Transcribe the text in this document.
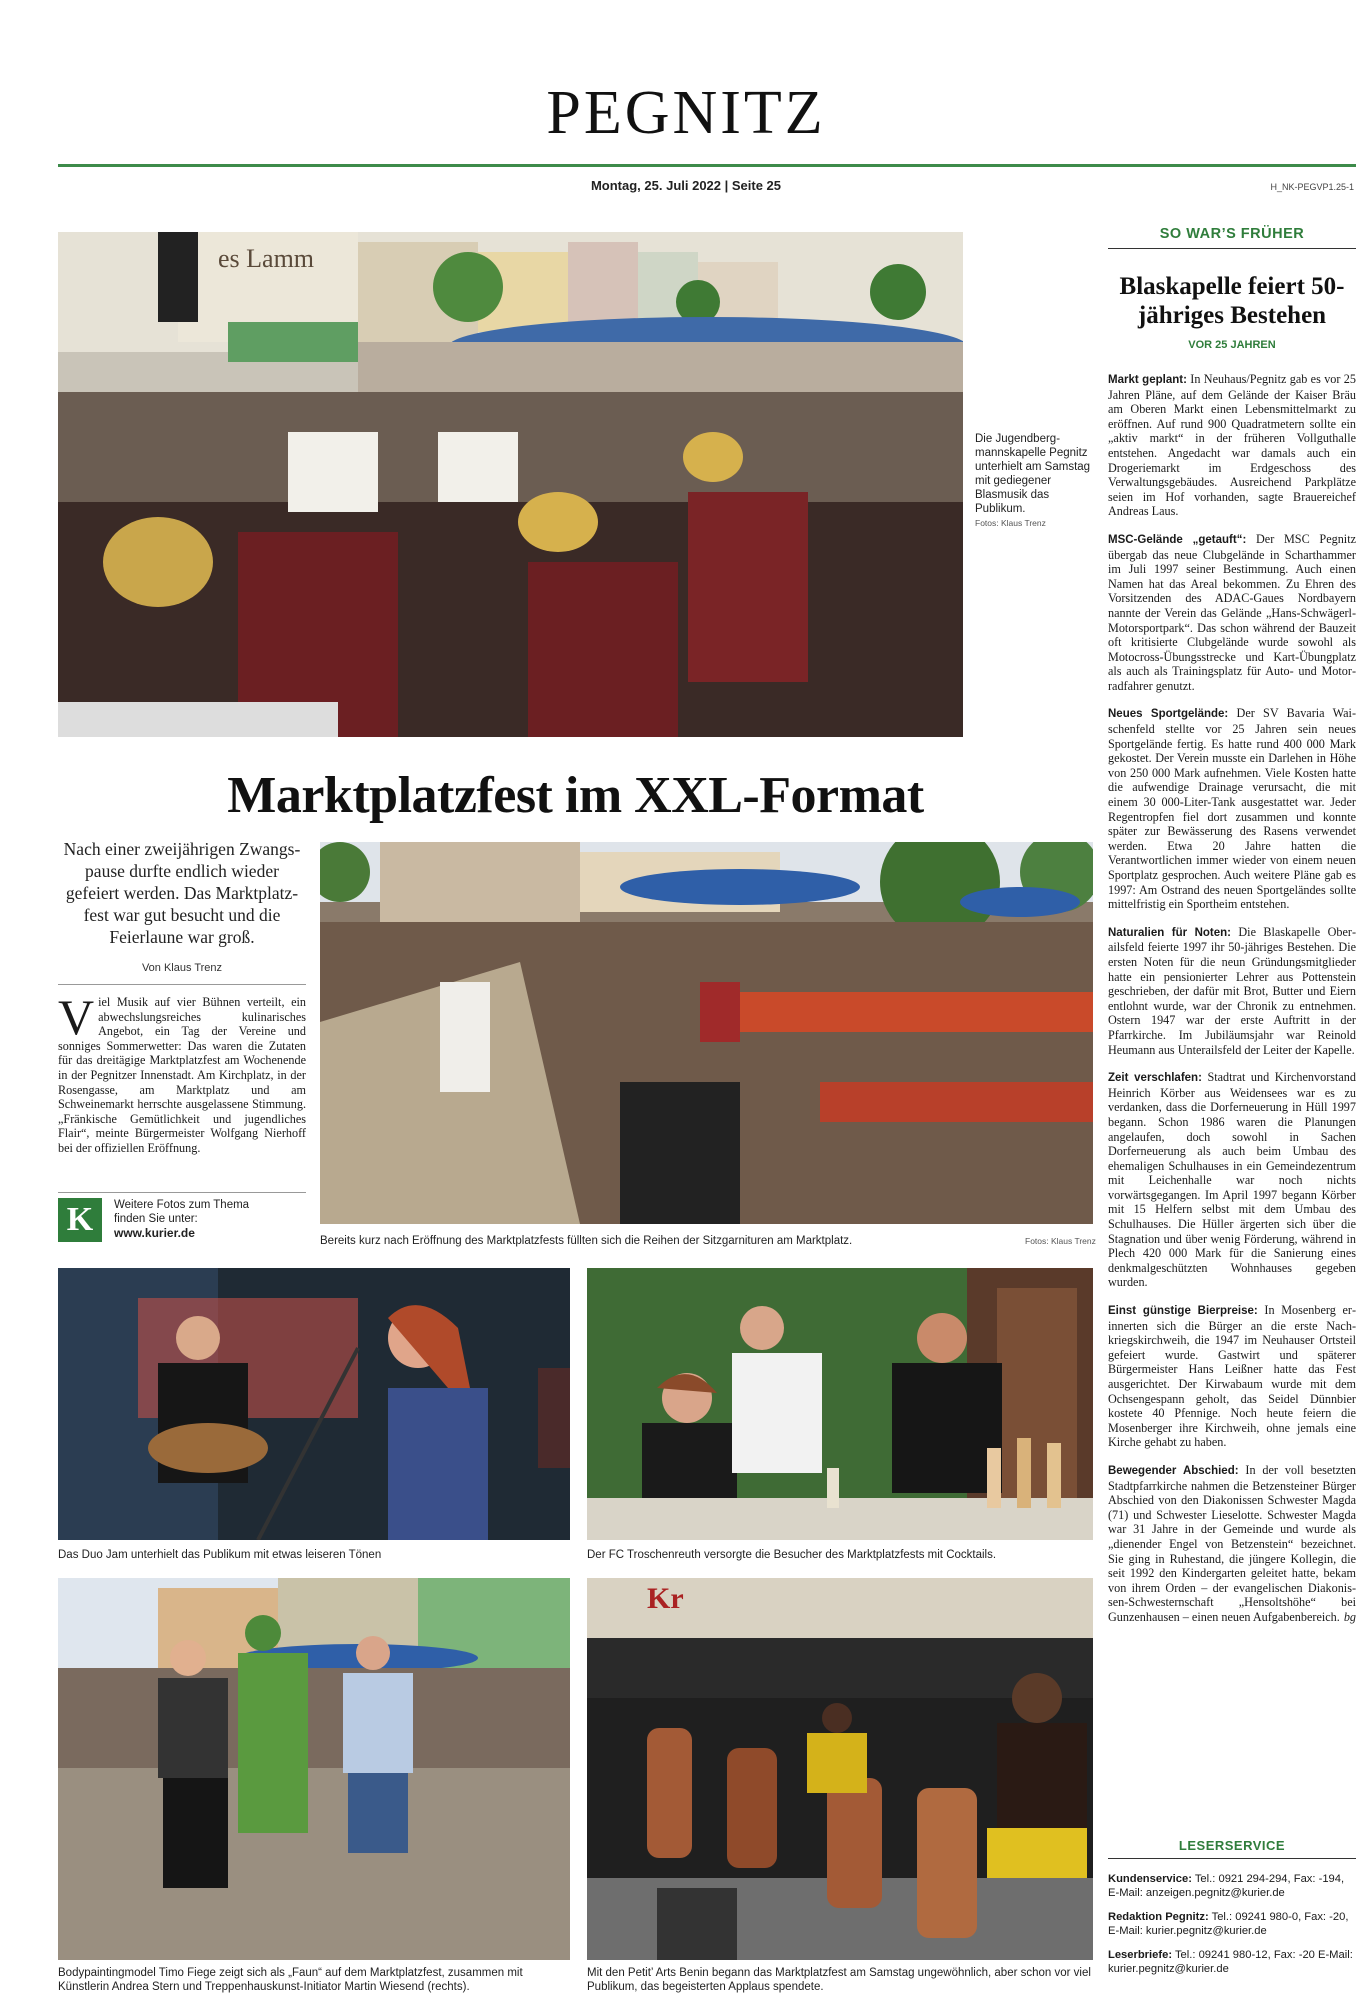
PEGNITZ
Montag, 25. Juli 2022 | Seite 25	H_NK-PEGVP1.25-1
es Lamm
Die Jugendbergmannskapelle Pegnitz unterhielt am Samstag mit gediegener Blasmusik das Publikum.
Fotos: Klaus Trenz
Marktplatzfest im XXL-Format
Nach einer zweijährigen Zwangspause durfte endlich wieder gefeiert werden. Das Marktplatzfest war gut besucht und die Feierlaune war groß.
Von Klaus Trenz
Viel Musik auf vier Bühnen verteilt, ein abwechslungsreiches kulinarisches Angebot, ein Tag der Vereine und sonniges Sommerwetter: Das waren die Zutaten für das dreitägige Marktplatzfest am Wochenende in der Pegnitzer Innenstadt. Am Kirchplatz, in der Rosengasse, am Marktplatz und am Schweinemarkt herrschte ausgelassene Stimmung. „Fränkische Gemütlichkeit und jugendliches Flair“, meinte Bürgermeister Wolfgang Nierhoff bei der offiziellen Eröffnung.
K	Weitere Fotos zum Thema finden Sie unter:
www.kurier.de
Bereits kurz nach Eröffnung des Marktplatzfests füllten sich die Reihen der Sitzgarnituren am Marktplatz.	Fotos: Klaus Trenz
Das Duo Jam unterhielt das Publikum mit etwas leiseren Tönen	Der FC Troschenreuth versorgte die Besucher des Marktplatzfests mit Cocktails.
Bodypaintingmodel Timo Fiege zeigt sich als „Faun“ auf dem Marktplatzfest, zusammen mit Künstlerin Andrea Stern und Treppenhauskunst-Initiator Martin Wiesend (rechts).
Kr
Mit den Petit’ Arts Benin begann das Marktplatzfest am Samstag ungewöhnlich, aber schon vor viel Publikum, das begeisterten Applaus spendete.
SO WAR’S FRÜHER
Blaskapelle feiert 50-jähriges Bestehen
VOR 25 JAHREN

Markt geplant: In Neuhaus/Pegnitz gab es vor 25 Jahren Pläne, auf dem Gelände der Kaiser Bräu am Oberen Markt einen Lebensmittelmarkt zu eröffnen. Auf rund 900 Quadratmetern sollte ein „aktiv markt“ in der früheren Vollguthalle entstehen. Angedacht war damals auch ein Drogeriemarkt im Erdgeschoss des Verwaltungsgebäudes. Ausreichend Parkplätze seien im Hof vorhanden, sagte Brauereichef Andreas Laus.

MSC-Gelände „getauft“: Der MSC Pegnitz übergab das neue Clubgelände in Scharthammer im Juli 1997 seiner Bestimmung. Auch einen Namen hat das Areal bekommen. Zu Ehren des Vorsitzenden des ADAC-Gaues Nordbayern nannte der Verein das Gelände „Hans-Schwägerl-Motorsportpark“. Das schon während der Bauzeit oft kritisierte Clubgelände wurde sowohl als Motocross-Übungsstrecke und Kart-Übungplatz als auch als Trainingsplatz für Auto- und Motorradfahrer genutzt.

Neues Sportgelände: Der SV Bavaria Waischenfeld stellte vor 25 Jahren sein neues Sportgelände fertig. Es hatte rund 400 000 Mark gekostet. Der Verein musste ein Darlehen in Höhe von 250 000 Mark aufnehmen. Viele Kosten hatte die aufwendige Drainage verursacht, die mit einem 30 000-Liter-Tank ausgestattet war. Jeder Regentropfen fiel dort zusammen und konnte später zur Bewässerung des Rasens verwendet werden. Etwa 20 Jahre hatten die Verantwortlichen immer wieder von einem neuen Sportplatz gesprochen. Auch weitere Pläne gab es 1997: Am Ostrand des neuen Sportgeländes sollte mittelfristig ein Sportheim entstehen.

Naturalien für Noten: Die Blaskapelle Oberailsfeld feierte 1997 ihr 50-jähriges Bestehen. Die ersten Noten für die neun Gründungsmitglieder hatte ein pensionierter Lehrer aus Pottenstein geschrieben, der dafür mit Brot, Butter und Eiern entlohnt wurde, war der Chronik zu entnehmen. Ostern 1947 war der erste Auftritt in der Pfarrkirche. Im Jubiläumsjahr war Reinold Heumann aus Unterailsfeld der Leiter der Kapelle.

Zeit verschlafen: Stadtrat und Kirchenvorstand Heinrich Körber aus Weidensees war es zu verdanken, dass die Dorferneuerung in Hüll 1997 begann. Schon 1986 waren die Planungen angelaufen, doch sowohl in Sachen Dorferneuerung als auch beim Umbau des ehemaligen Schulhauses in ein Gemeindezentrum mit Leichenhalle war noch nichts vorwärtsgegangen. Im April 1997 begann Körber mit 15 Helfern selbst mit dem Umbau des Schulhauses. Die Hüller ärgerten sich über die Stagnation und über wenig Förderung, während in Plech 420 000 Mark für die Sanierung eines denkmalgeschützten Wohnhauses gegeben wurden.

Einst günstige Bierpreise: In Mosenberg erinnerten sich die Bürger an die erste Nachkriegskirchweih, die 1947 im Neuhauser Ortsteil gefeiert wurde. Gastwirt und späterer Bürgermeister Hans Leißner hatte das Fest ausgerichtet. Der Kirwabaum wurde mit dem Ochsengespann geholt, das Seidel Dünnbier kostete 40 Pfennige. Noch heute feiern die Mosenberger ihre Kirchweih, ohne jemals eine Kirche gehabt zu haben.

Bewegender Abschied: In der voll besetzten Stadtpfarrkirche nahmen die Betzensteiner Bürger Abschied von den Diakonissen Schwester Magda (71) und Schwester Lieselotte. Schwester Magda war 31 Jahre in der Gemeinde und wurde als „dienender Engel von Betzenstein“ bezeichnet. Sie ging in Ruhestand, die jüngere Kollegin, die seit 1992 den Kindergarten geleitet hatte, bekam von ihrem Orden – der evangelischen Diakonissen-Schwesternschaft „Hensoltshöhe“ bei Gunzenhausen – einen neuen Aufgabenbereich. bg

LESERSERVICE

Kundenservice: Tel.: 0921 294-294, Fax: -194, E-Mail: anzeigen.pegnitz@kurier.de

Redaktion Pegnitz: Tel.: 09241 980-0, Fax: -20, E-Mail: kurier.pegnitz@kurier.de

Leserbriefe: Tel.: 09241 980-12, Fax: -20 E-Mail: kurier.pegnitz@kurier.de
